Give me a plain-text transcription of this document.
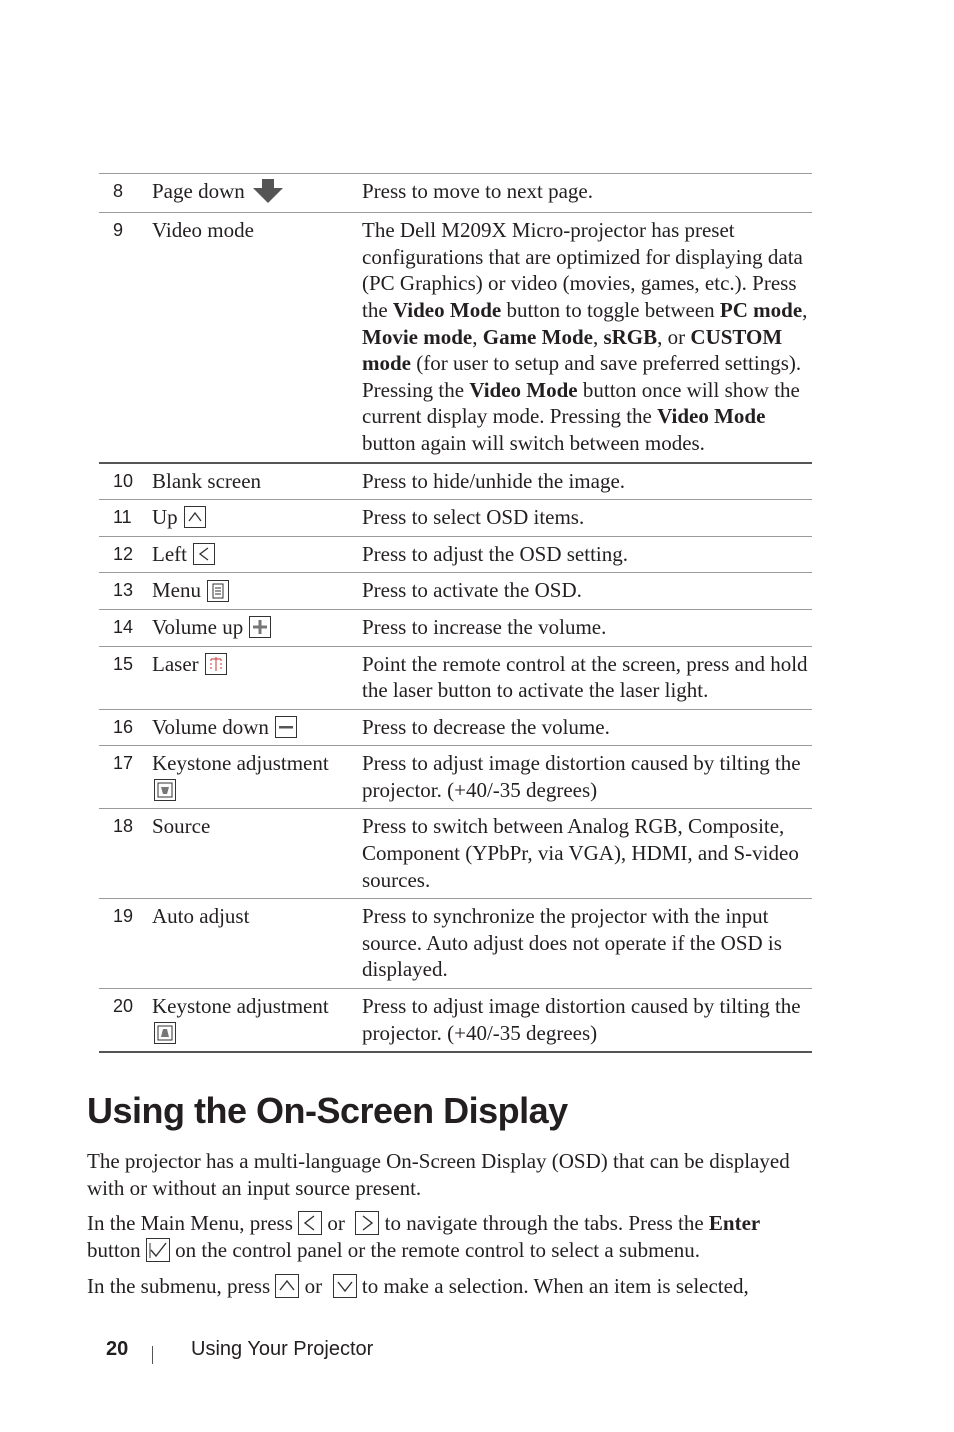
8	Page down	Press to move to next page.
9	Video mode	The Dell M209X Micro-projector has preset configurations that are optimized for displaying data (PC Graphics) or video (movies, games, etc.). Press the Video Mode button to toggle between PC mode, Movie mode, Game Mode, sRGB, or CUSTOM mode (for user to setup and save preferred settings). Pressing the Video Mode button once will show the current display mode. Pressing the Video Mode button again will switch between modes.
10	Blank screen	Press to hide/unhide the image.
11	Up	Press to select OSD items.
12	Left	Press to adjust the OSD setting.
13	Menu	Press to activate the OSD.
14	Volume up	Press to increase the volume.
15	Laser	Point the remote control at the screen, press and hold the laser button to activate the laser light.
16	Volume down	Press to decrease the volume.
17	Keystone adjustment	Press to adjust image distortion caused by tilting the projector. (+40/-35 degrees)
18	Source	Press to switch between Analog RGB, Composite, Component (YPbPr, via VGA), HDMI, and S-video sources.
19	Auto adjust	Press to synchronize the projector with the input source. Auto adjust does not operate if the OSD is displayed.
20	Keystone adjustment	Press to adjust image distortion caused by tilting the projector. (+40/-35 degrees)
Using the On-Screen Display

The projector has a multi-language On-Screen Display (OSD) that can be displayed with or without an input source present.

In the Main Menu, press
or
to navigate through the tabs. Press the Enter
button
on the control panel or the remote control to select a submenu.

In the submenu, press
or
to make a selection. When an item is selected,

20	Using Your Projector
